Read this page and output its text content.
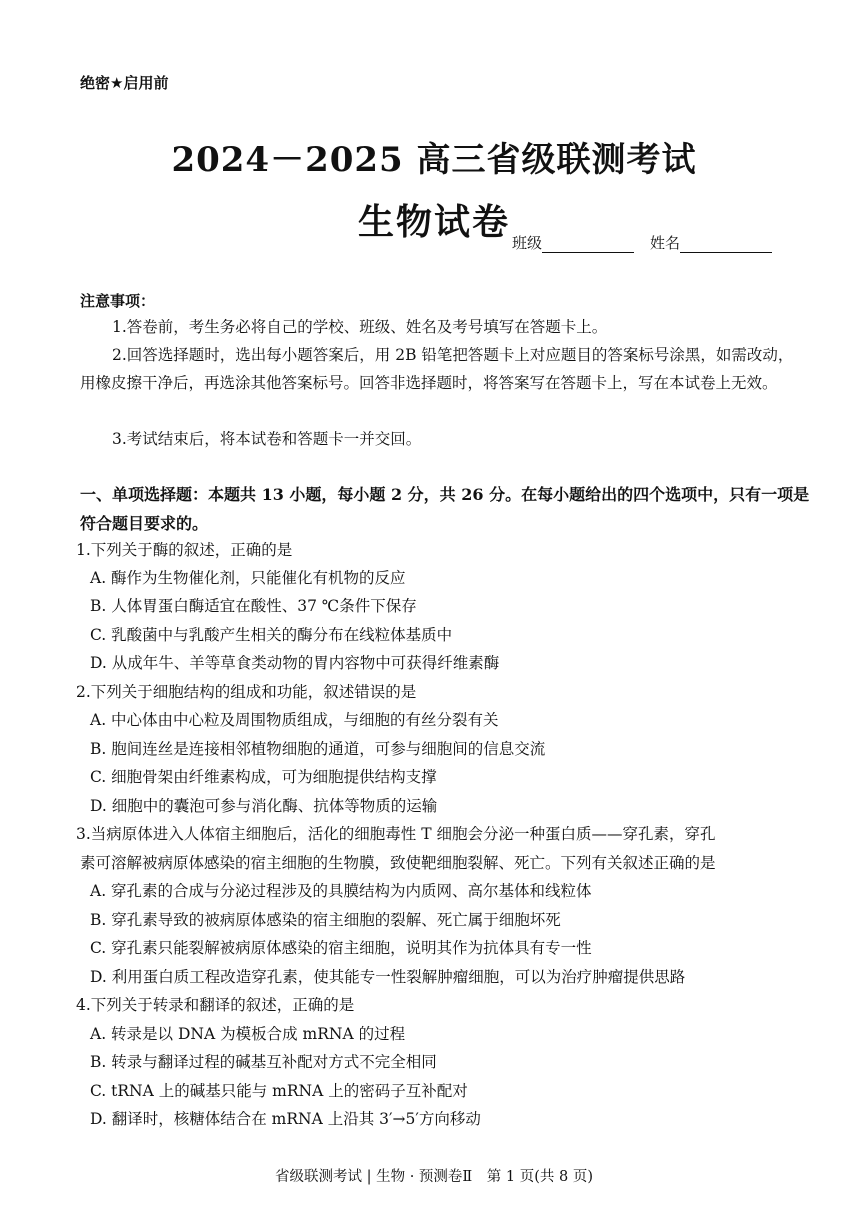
绝密★启用前
2024－2025 高三省级联测考试
生物试卷 班级	姓名
注意事项：
1.答卷前，考生务必将自己的学校、班级、姓名及考号填写在答题卡上。
2.回答选择题时，选出每小题答案后，用 2B 铅笔把答题卡上对应题目的答案标号涂黑，如需改动，用橡皮擦干净后，再选涂其他答案标号。回答非选择题时，将答案写在答题卡上，写在本试卷上无效。
3.考试结束后，将本试卷和答题卡一并交回。
一、单项选择题：本题共 13 小题，每小题 2 分，共 26 分。在每小题给出的四个选项中，只有一项是符合题目要求的。
1.下列关于酶的叙述，正确的是
A. 酶作为生物催化剂，只能催化有机物的反应
B. 人体胃蛋白酶适宜在酸性、37 ℃条件下保存
C. 乳酸菌中与乳酸产生相关的酶分布在线粒体基质中
D. 从成年牛、羊等草食类动物的胃内容物中可获得纤维素酶
2.下列关于细胞结构的组成和功能，叙述错误的是
A. 中心体由中心粒及周围物质组成，与细胞的有丝分裂有关
B. 胞间连丝是连接相邻植物细胞的通道，可参与细胞间的信息交流
C. 细胞骨架由纤维素构成，可为细胞提供结构支撑
D. 细胞中的囊泡可参与消化酶、抗体等物质的运输
3.当病原体进入人体宿主细胞后，活化的细胞毒性 T 细胞会分泌一种蛋白质——穿孔素，穿孔
素可溶解被病原体感染的宿主细胞的生物膜，致使靶细胞裂解、死亡。下列有关叙述正确的是
A. 穿孔素的合成与分泌过程涉及的具膜结构为内质网、高尔基体和线粒体
B. 穿孔素导致的被病原体感染的宿主细胞的裂解、死亡属于细胞坏死
C. 穿孔素只能裂解被病原体感染的宿主细胞，说明其作为抗体具有专一性
D. 利用蛋白质工程改造穿孔素，使其能专一性裂解肿瘤细胞，可以为治疗肿瘤提供思路
4.下列关于转录和翻译的叙述，正确的是
A. 转录是以 DNA 为模板合成 mRNA 的过程
B. 转录与翻译过程的碱基互补配对方式不完全相同
C. tRNA 上的碱基只能与 mRNA 上的密码子互补配对
D. 翻译时，核糖体结合在 mRNA 上沿其 3′→5′方向移动
省级联测考试 | 生物 · 预测卷Ⅱ　第 1 页(共 8 页)
